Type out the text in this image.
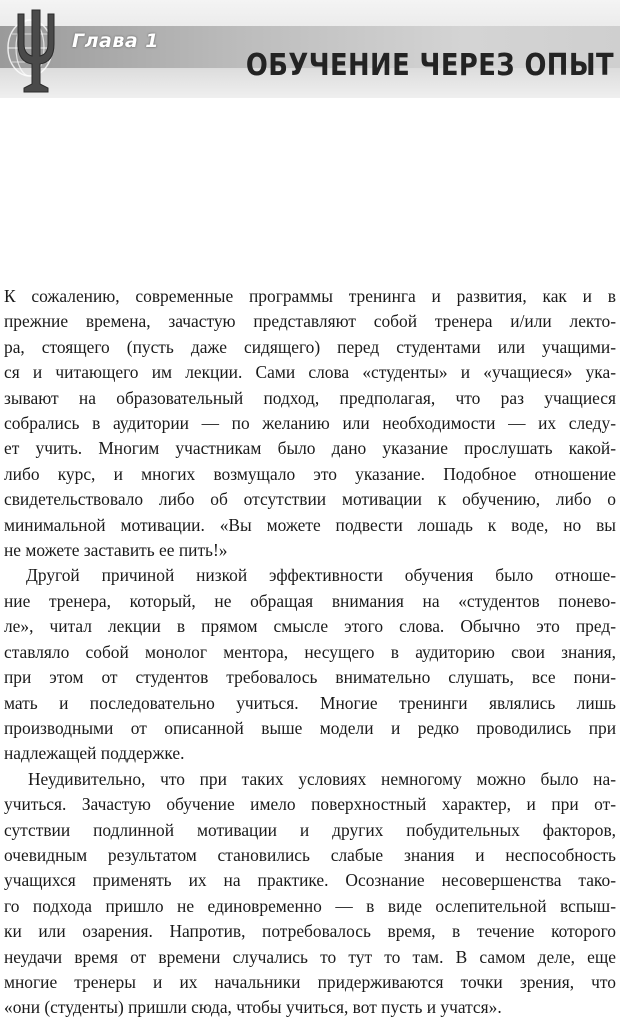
Глава 1
ОБУЧЕНИЕ ЧЕРЕЗ ОПЫТ

К сожалению, современные программы тренинга и развития, как и в

прежние времена, зачастую представляют собой тренера и/или лекто-

ра, стоящего (пусть даже сидящего) перед студентами или учащими-

ся и читающего им лекции. Сами слова «студенты» и «учащиеся» ука-

зывают на образовательный подход, предполагая, что раз учащиеся

собрались в аудитории — по желанию или необходимости — их следу-

ет учить. Многим участникам было дано указание прослушать какой-

либо курс, и многих возмущало это указание. Подобное отношение

свидетельствовало либо об отсутствии мотивации к обучению, либо о

минимальной мотивации. «Вы можете подвести лошадь к воде, но вы

не можете заставить ее пить!»

Другой причиной низкой эффективности обучения было отноше-

ние тренера, который, не обращая внимания на «студентов понево-

ле», читал лекции в прямом смысле этого слова. Обычно это пред-

ставляло собой монолог ментора, несущего в аудиторию свои знания,

при этом от студентов требовалось внимательно слушать, все пони-

мать и последовательно учиться. Многие тренинги являлись лишь

производными от описанной выше модели и редко проводились при

надлежащей поддержке.

Неудивительно, что при таких условиях немногому можно было на-

учиться. Зачастую обучение имело поверхностный характер, и при от-

сутствии подлинной мотивации и других побудительных факторов,

очевидным результатом становились слабые знания и неспособность

учащихся применять их на практике. Осознание несовершенства тако-

го подхода пришло не единовременно — в виде ослепительной вспыш-

ки или озарения. Напротив, потребовалось время, в течение которого

неудачи время от времени случались то тут то там. В самом деле, еще

многие тренеры и их начальники придерживаются точки зрения, что

«они (студенты) пришли сюда, чтобы учиться, вот пусть и учатся».
